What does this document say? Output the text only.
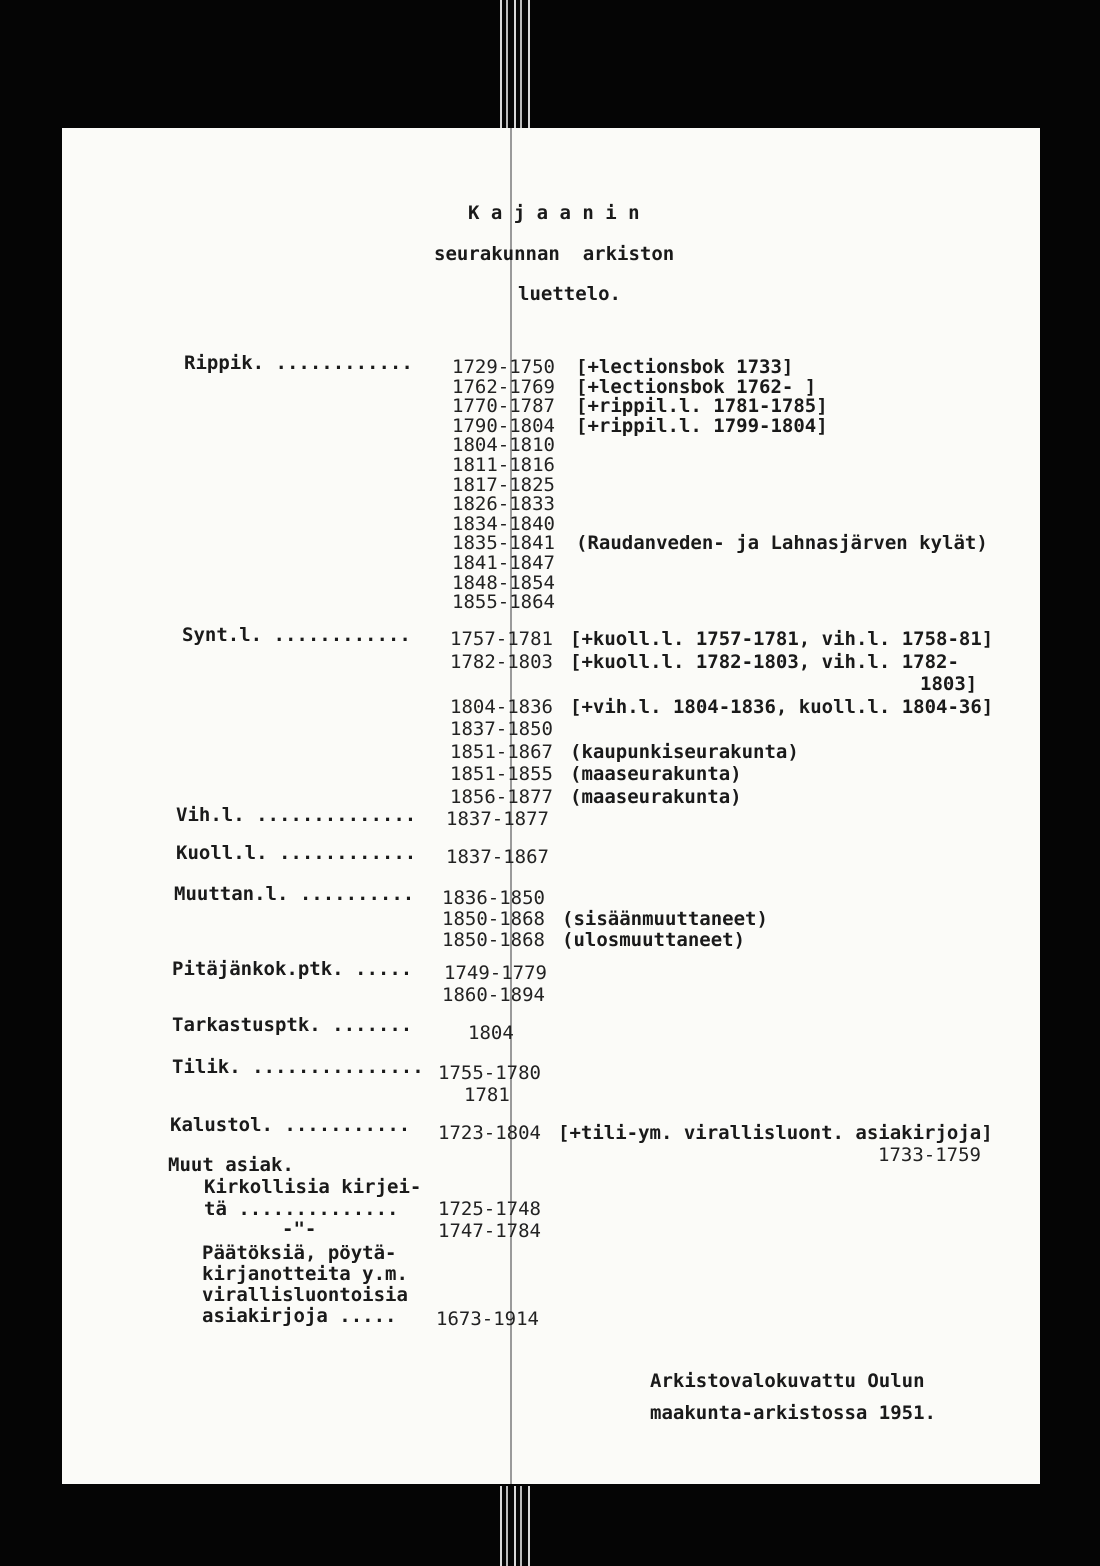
K a j a a n i n
seurakunnan  arkiston
luettelo.
Rippik. ............ 1729-1750 [+lectionsbok 1733]
1762-1769 [+lectionsbok 1762- ]
1770-1787 [+rippil.l. 1781-1785]
1790-1804 [+rippil.l. 1799-1804]
1804-1810
1811-1816
1817-1825
1826-1833
1834-1840
1835-1841 (Raudanveden- ja Lahnasjärven kylät)
1841-1847
1848-1854
1855-1864
Synt.l. ............ 1757-1781 [+kuoll.l. 1757-1781, vih.l. 1758-81]
1782-1803 [+kuoll.l. 1782-1803, vih.l. 1782-
1803]
1804-1836 [+vih.l. 1804-1836, kuoll.l. 1804-36]
1837-1850
1851-1867 (kaupunkiseurakunta)
1851-1855 (maaseurakunta)
1856-1877 (maaseurakunta)
Vih.l. .............. 1837-1877
Kuoll.l. ............ 1837-1867
Muuttan.l. .......... 1836-1850
1850-1868 (sisäänmuuttaneet)
1850-1868 (ulosmuuttaneet)
Pitäjänkok.ptk. ..... 1749-1779
1860-1894
Tarkastusptk. .......	1804
Tilik. ............... 1755-1780
1781
Kalustol. ........... 1723-1804 [+tili-ym. virallisluont. asiakirjoja]
1733-1759
Muut asiak.
Kirkollisia kirjei-
tä .............. 1725-1748
-"-	1747-1784
Päätöksiä, pöytä-
kirjanotteita y.m.
virallisluontoisia
asiakirjoja ..... 1673-1914
Arkistovalokuvattu Oulun
maakunta-arkistossa 1951.
